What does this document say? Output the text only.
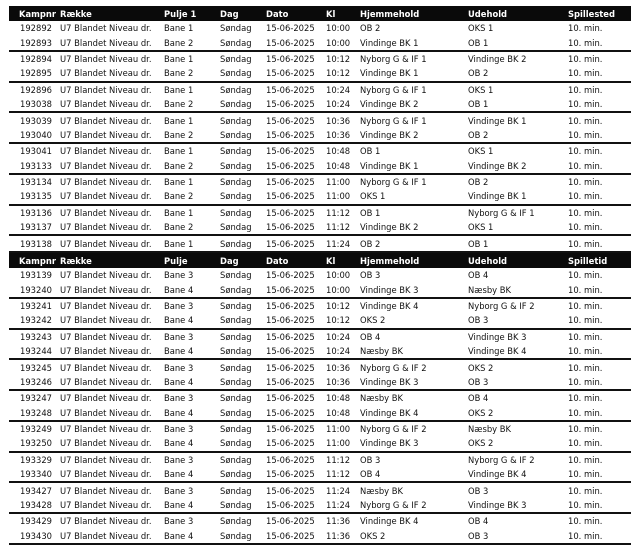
Kampnr	Række	Pulje 1	Dag	Dato	Kl	Hjemmehold	Udehold	Spillested
192892	U7 Blandet Niveau dr.	Bane 1	Søndag	15-06-2025	10:00	OB 2	OKS 1	10. min.
192893	U7 Blandet Niveau dr.	Bane 2	Søndag	15-06-2025	10:00	Vindinge BK 1	OB 1	10. min.
192894	U7 Blandet Niveau dr.	Bane 1	Søndag	15-06-2025	10:12	Nyborg G & IF 1	Vindinge BK 2	10. min.
192895	U7 Blandet Niveau dr.	Bane 2	Søndag	15-06-2025	10:12	Vindinge BK 1	OB 2	10. min.
192896	U7 Blandet Niveau dr.	Bane 1	Søndag	15-06-2025	10:24	Nyborg G & IF 1	OKS 1	10. min.
193038	U7 Blandet Niveau dr.	Bane 2	Søndag	15-06-2025	10:24	Vindinge BK 2	OB 1	10. min.
193039	U7 Blandet Niveau dr.	Bane 1	Søndag	15-06-2025	10:36	Nyborg G & IF 1	Vindinge BK 1	10. min.
193040	U7 Blandet Niveau dr.	Bane 2	Søndag	15-06-2025	10:36	Vindinge BK 2	OB 2	10. min.
193041	U7 Blandet Niveau dr.	Bane 1	Søndag	15-06-2025	10:48	OB 1	OKS 1	10. min.
193133	U7 Blandet Niveau dr.	Bane 2	Søndag	15-06-2025	10:48	Vindinge BK 1	Vindinge BK 2	10. min.
193134	U7 Blandet Niveau dr.	Bane 1	Søndag	15-06-2025	11:00	Nyborg G & IF 1	OB 2	10. min.
193135	U7 Blandet Niveau dr.	Bane 2	Søndag	15-06-2025	11:00	OKS 1	Vindinge BK 1	10. min.
193136	U7 Blandet Niveau dr.	Bane 1	Søndag	15-06-2025	11:12	OB 1	Nyborg G & IF 1	10. min.
193137	U7 Blandet Niveau dr.	Bane 2	Søndag	15-06-2025	11:12	Vindinge BK 2	OKS 1	10. min.
193138	U7 Blandet Niveau dr.	Bane 1	Søndag	15-06-2025	11:24	OB 2	OB 1	10. min.
Kampnr	Række	Pulje	Dag	Dato	Kl	Hjemmehold	Udehold	Spilletid
193139	U7 Blandet Niveau dr.	Bane 3	Søndag	15-06-2025	10:00	OB 3	OB 4	10. min.
193240	U7 Blandet Niveau dr.	Bane 4	Søndag	15-06-2025	10:00	Vindinge BK 3	Næsby BK	10. min.
193241	U7 Blandet Niveau dr.	Bane 3	Søndag	15-06-2025	10:12	Vindinge BK 4	Nyborg G & IF 2	10. min.
193242	U7 Blandet Niveau dr.	Bane 4	Søndag	15-06-2025	10:12	OKS 2	OB 3	10. min.
193243	U7 Blandet Niveau dr.	Bane 3	Søndag	15-06-2025	10:24	OB 4	Vindinge BK 3	10. min.
193244	U7 Blandet Niveau dr.	Bane 4	Søndag	15-06-2025	10:24	Næsby BK	Vindinge BK 4	10. min.
193245	U7 Blandet Niveau dr.	Bane 3	Søndag	15-06-2025	10:36	Nyborg G & IF 2	OKS 2	10. min.
193246	U7 Blandet Niveau dr.	Bane 4	Søndag	15-06-2025	10:36	Vindinge BK 3	OB 3	10. min.
193247	U7 Blandet Niveau dr.	Bane 3	Søndag	15-06-2025	10:48	Næsby BK	OB 4	10. min.
193248	U7 Blandet Niveau dr.	Bane 4	Søndag	15-06-2025	10:48	Vindinge BK 4	OKS 2	10. min.
193249	U7 Blandet Niveau dr.	Bane 3	Søndag	15-06-2025	11:00	Nyborg G & IF 2	Næsby BK	10. min.
193250	U7 Blandet Niveau dr.	Bane 4	Søndag	15-06-2025	11:00	Vindinge BK 3	OKS 2	10. min.
193329	U7 Blandet Niveau dr.	Bane 3	Søndag	15-06-2025	11:12	OB 3	Nyborg G & IF 2	10. min.
193340	U7 Blandet Niveau dr.	Bane 4	Søndag	15-06-2025	11:12	OB 4	Vindinge BK 4	10. min.
193427	U7 Blandet Niveau dr.	Bane 3	Søndag	15-06-2025	11:24	Næsby BK	OB 3	10. min.
193428	U7 Blandet Niveau dr.	Bane 4	Søndag	15-06-2025	11:24	Nyborg G & IF 2	Vindinge BK 3	10. min.
193429	U7 Blandet Niveau dr.	Bane 3	Søndag	15-06-2025	11:36	Vindinge BK 4	OB 4	10. min.
193430	U7 Blandet Niveau dr.	Bane 4	Søndag	15-06-2025	11:36	OKS 2	OB 3	10. min.
